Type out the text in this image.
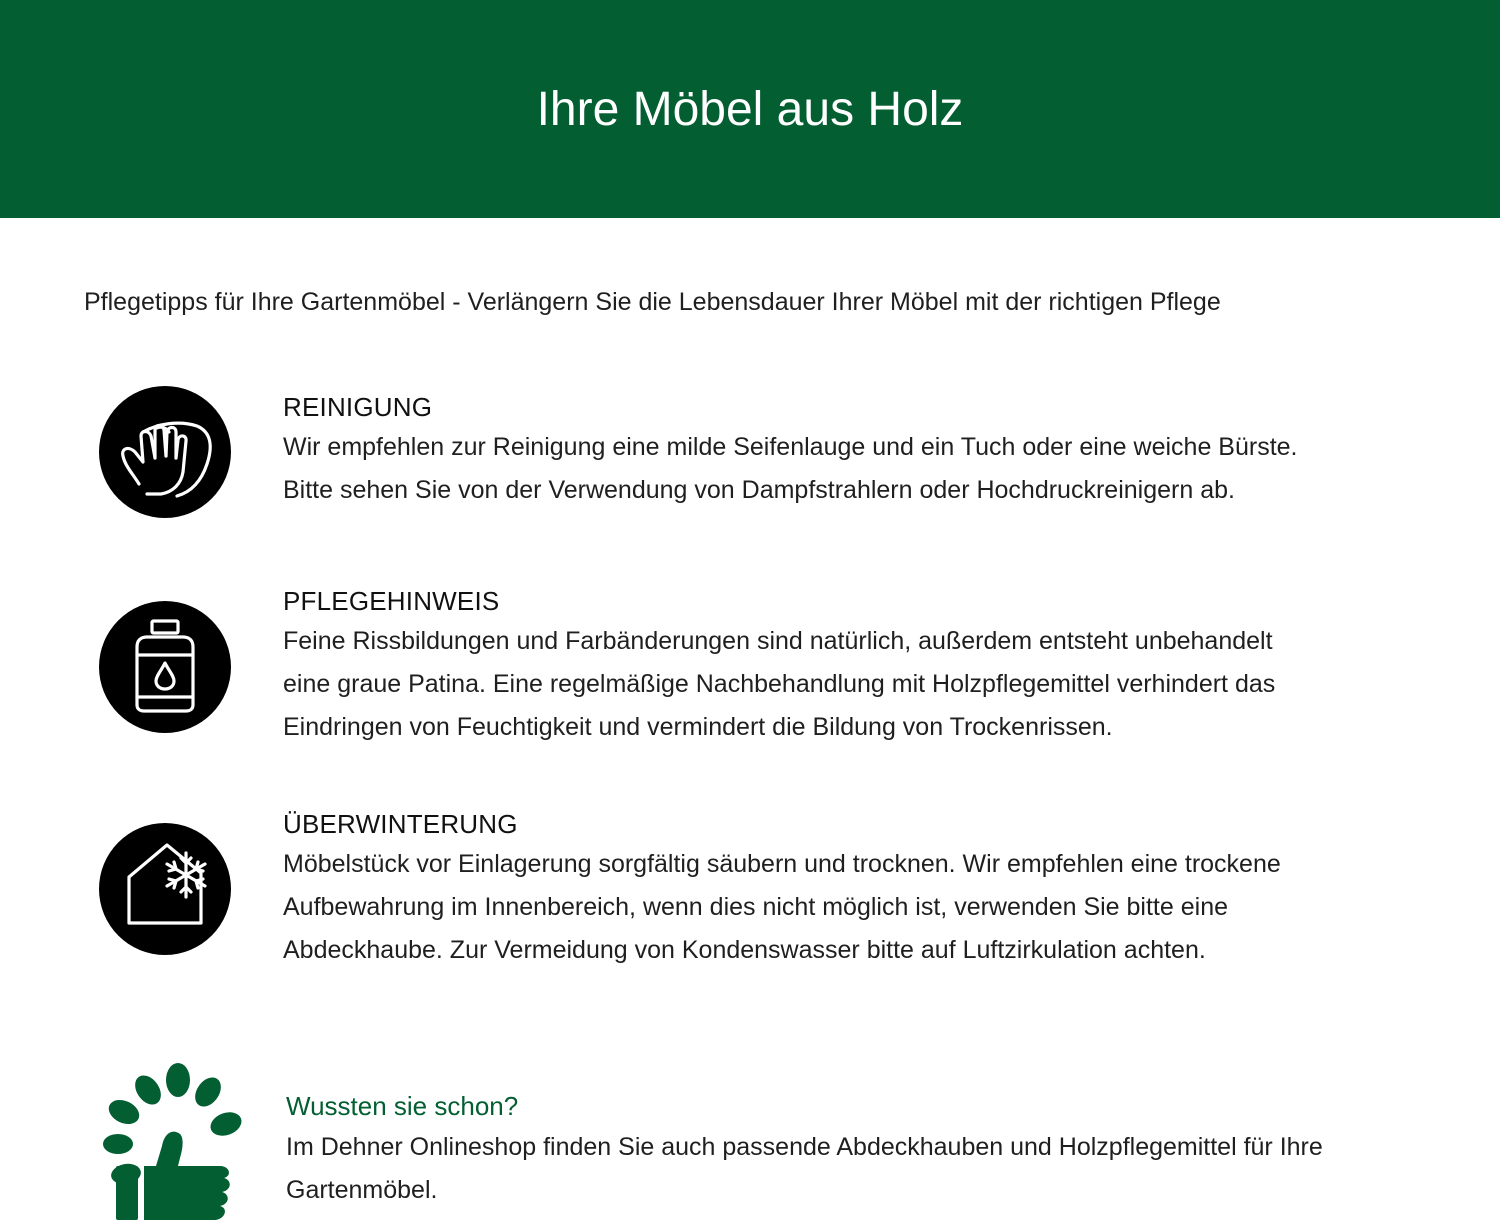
Ihre Möbel aus Holz
Pflegetipps für Ihre Gartenmöbel - Verlängern Sie die Lebensdauer Ihrer Möbel mit der richtigen Pflege
REINIGUNG

Wir empfehlen zur Reinigung eine milde Seifenlauge und ein Tuch oder eine weiche Bürste.

Bitte sehen Sie von der Verwendung von Dampfstrahlern oder Hochdruckreinigern ab.

PFLEGEHINWEIS

Feine Rissbildungen und Farbänderungen sind natürlich, außerdem entsteht unbehandelt

eine graue Patina. Eine regelmäßige Nachbehandlung mit Holzpflegemittel verhindert das

Eindringen von Feuchtigkeit und vermindert die Bildung von Trockenrissen.

ÜBERWINTERUNG

Möbelstück vor Einlagerung sorgfältig säubern und trocknen. Wir empfehlen eine trockene

Aufbewahrung im Innenbereich, wenn dies nicht möglich ist, verwenden Sie bitte eine

Abdeckhaube. Zur Vermeidung von Kondenswasser bitte auf Luftzirkulation achten.

Wussten sie schon?

Im Dehner Onlineshop finden Sie auch passende Abdeckhauben und Holzpflegemittel für Ihre Gartenmöbel.
